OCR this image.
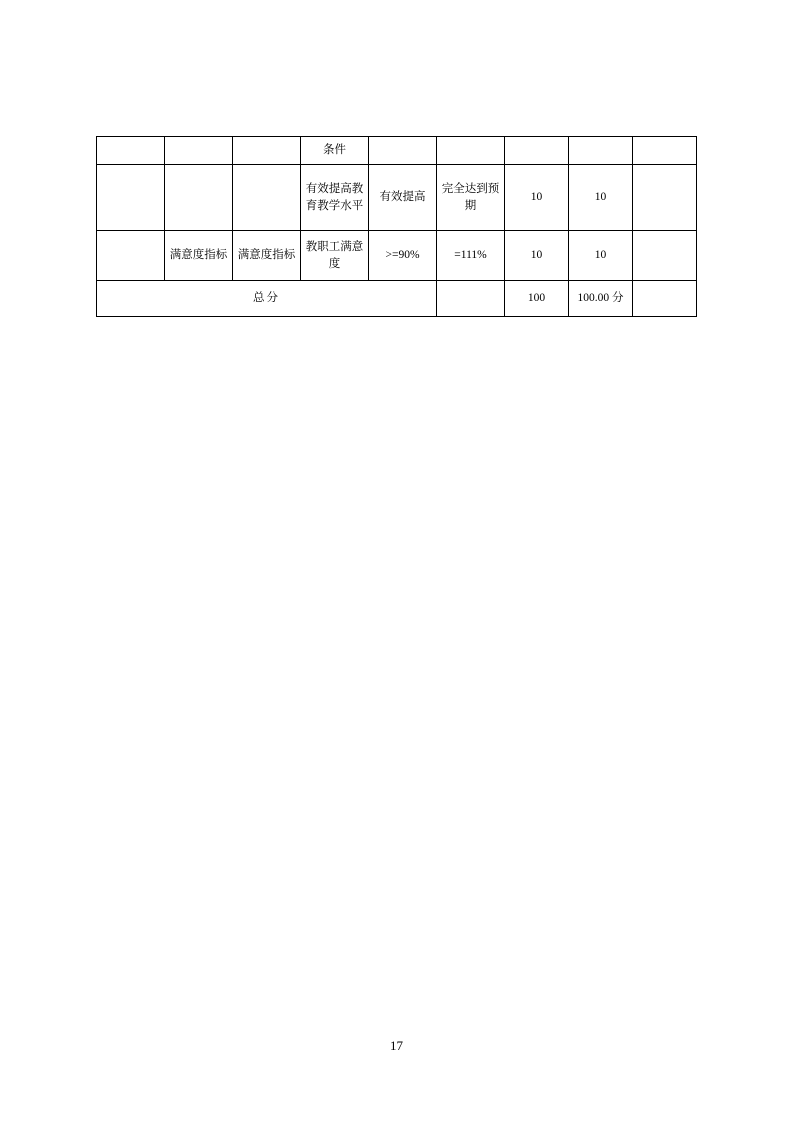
			条件					
			有效提高教育教学水平	有效提高	完全达到预期	10	10	
	满意度指标	满意度指标	教职工满意度	>=90%	=111%	10	10	
总分						100	100.00 分	
17
